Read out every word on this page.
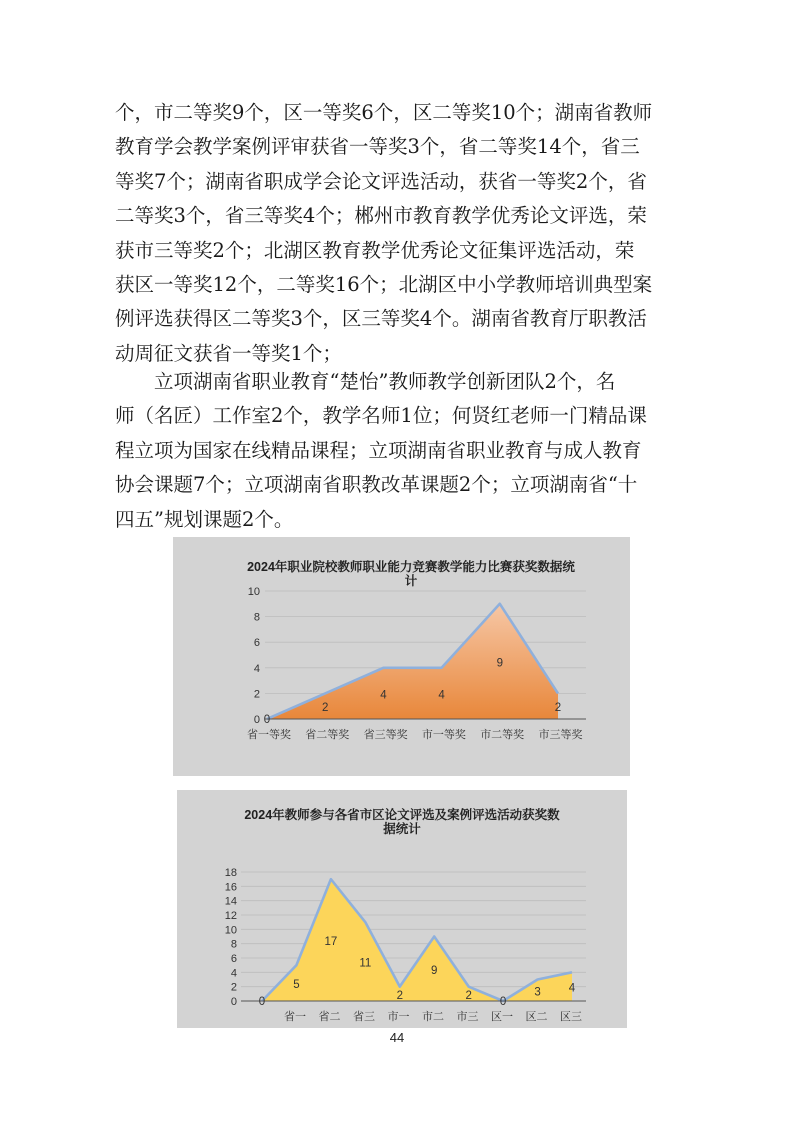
个，市二等奖9个，区一等奖6个，区二等奖10个；湖南省教师
教育学会教学案例评审获省一等奖3个，省二等奖14个，省三
等奖7个；湖南省职成学会论文评选活动，获省一等奖2个，省
二等奖3个，省三等奖4个；郴州市教育教学优秀论文评选，荣
获市三等奖2个；北湖区教育教学优秀论文征集评选活动，荣
获区一等奖12个，二等奖16个；北湖区中小学教师培训典型案
例评选获得区二等奖3个，区三等奖4个。湖南省教育厅职教活
动周征文获省一等奖1个；
　　立项湖南省职业教育“楚怡”教师教学创新团队2个，名
师（名匠）工作室2个，教学名师1位；何贤红老师一门精品课
程立项为国家在线精品课程；立项湖南省职业教育与成人教育
协会课题7个；立项湖南省职教改革课题2个；立项湖南省“十
四五”规划课题2个。
2024年职业院校教师职业能力竞赛教学能力比赛获奖数据统
计
0
2
4
6
8
10
0
2
4	4
9
2
省一等奖 省二等奖 省三等奖 市一等奖 市二等奖 市三等奖
2024年教师参与各省市区论文评选及案例评选活动获奖数
据统计
0
2
4
6
8
10
12
14
16
18
0
5
17
11
2
9
2
0
3 4
省一 省二 省三 市一 市二 市三 区一 区二 区三
44
